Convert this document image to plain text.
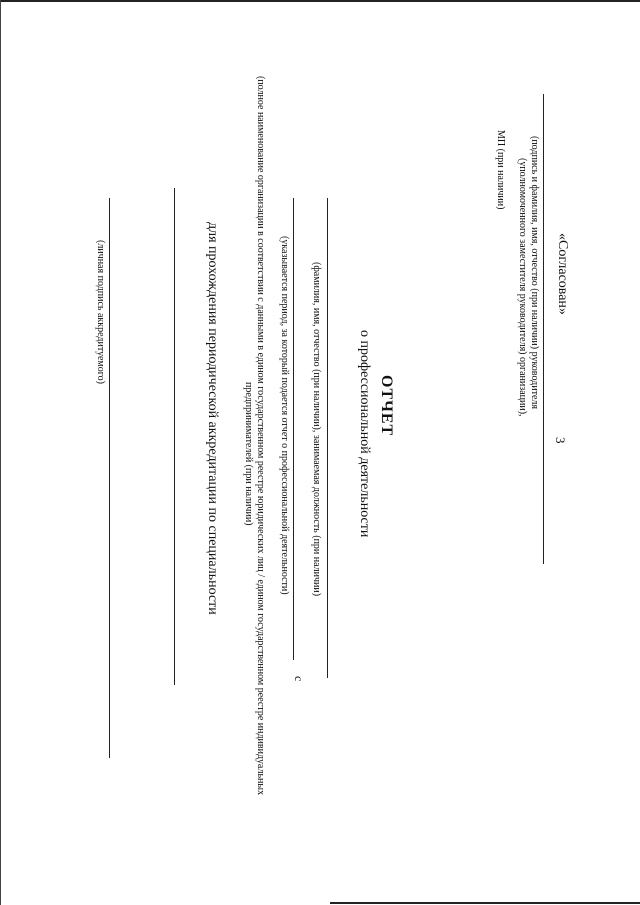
3
«Согласован»
(подпись и фамилия, имя, отчество (при наличии) руководителя
(уполномоченного заместителя руководителя) организации),
МП (при наличии)
ОТЧЕТ
о профессиональной деятельности
(фамилия, имя, отчество (при наличии), занимаемая должность (при наличии)
с
(указывается период, за который подается отчет о профессиональной деятельности)
(полное наименование организации в соответствии с данными в едином государственном реестре юридических лиц / едином государственном реестре индивидуальных
предпринимателей (при наличии)
для прохождения периодической аккредитации по специальности
(личная подпись аккредитуемого)
